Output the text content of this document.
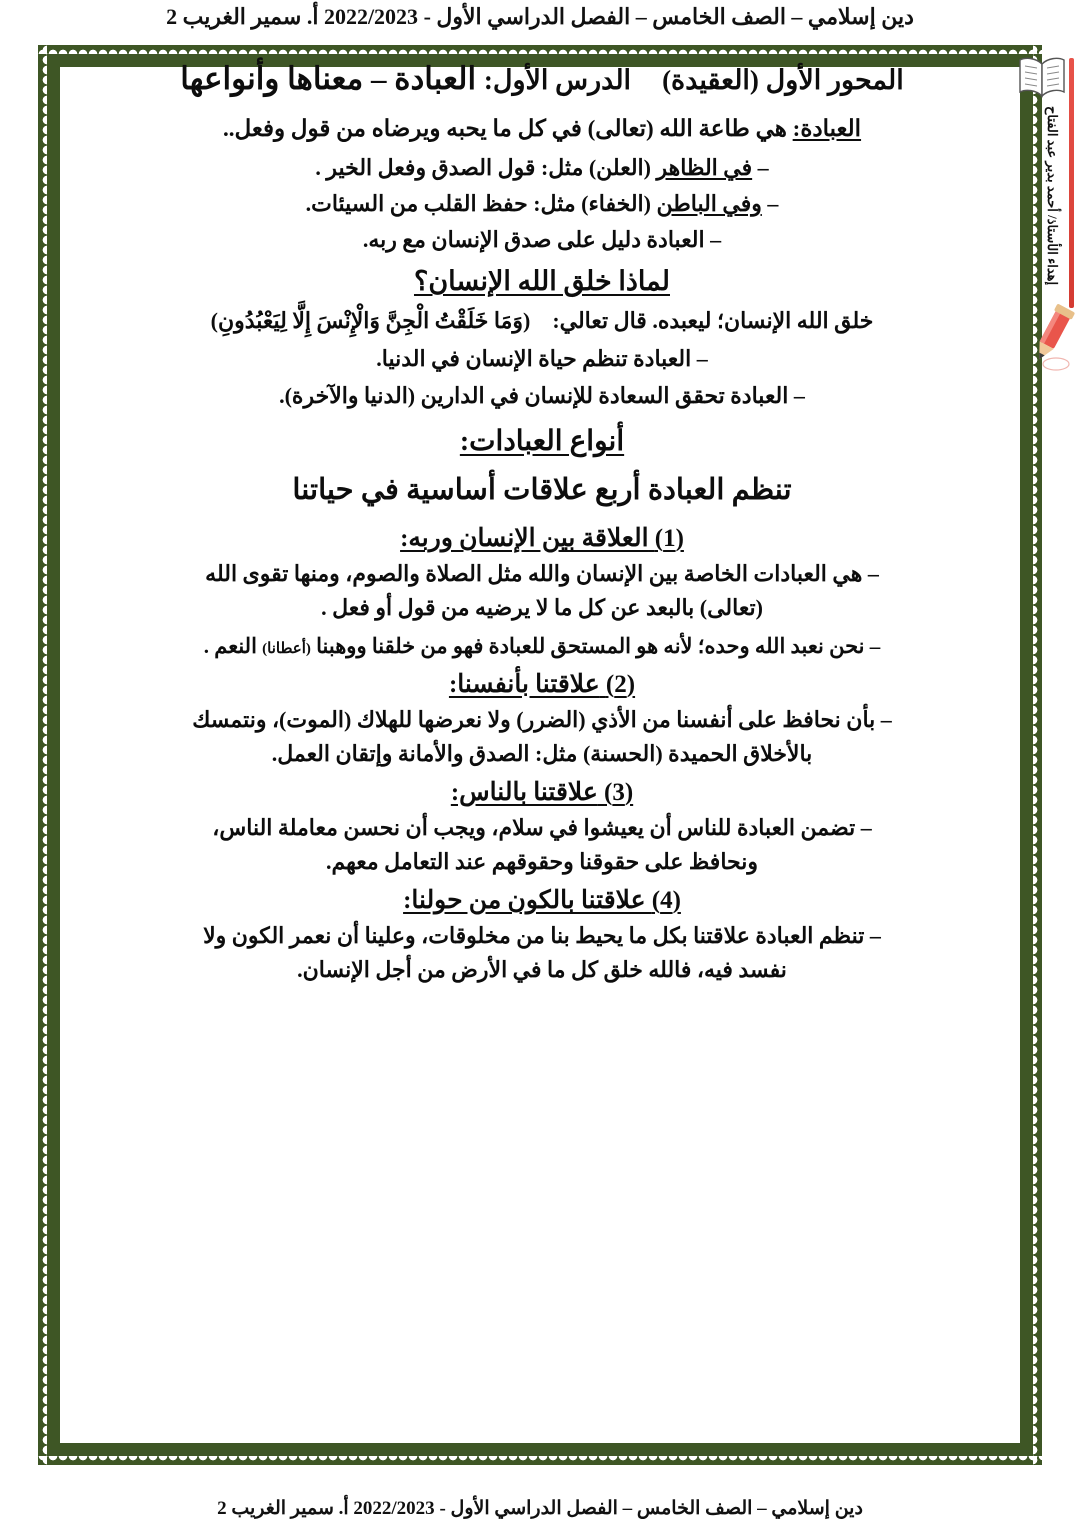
دين إسلامي – الصف الخامس – الفصل الدراسي الأول - 2022/2023 أ. سمير الغريب 2
إهداء الأستاذ/ أحمد بدير عبد الفتاح
المحور الأول (العقيدة)    الدرس الأول: العبادة – معناها وأنواعها
العبادة: هي طاعة الله (تعالى) في كل ما يحبه ويرضاه من قول وفعل..
– في الظاهر (العلن) مثل: قول الصدق وفعل الخير .
– وفي الباطن (الخفاء) مثل: حفظ القلب من السيئات.
– العبادة دليل على صدق الإنسان مع ربه.
لماذا خلق الله الإنسان؟
خلق الله الإنسان؛ ليعبده. قال تعالي:    (وَمَا خَلَقْتُ الْجِنَّ وَالْإِنْسَ إِلَّا لِيَعْبُدُونِ)
– العبادة تنظم حياة الإنسان في الدنيا.
– العبادة تحقق السعادة للإنسان في الدارين (الدنيا والآخرة).
أنواع العبادات:
تنظم العبادة أربع علاقات أساسية في حياتنا
(1) العلاقة بين الإنسان وربه:
– هي العبادات الخاصة بين الإنسان والله مثل الصلاة والصوم، ومنها تقوى الله
(تعالى) بالبعد عن كل ما لا يرضيه من قول أو فعل .
– نحن نعبد الله وحده؛ لأنه هو المستحق للعبادة فهو من خلقنا ووهبنا (أعطانا) النعم .
(2) علاقتنا بأنفسنا:
– بأن نحافظ على أنفسنا من الأذي (الضرر) ولا نعرضها للهلاك (الموت)، ونتمسك
بالأخلاق الحميدة (الحسنة) مثل: الصدق والأمانة وإتقان العمل.
(3) علاقتنا بالناس:
– تضمن العبادة للناس أن يعيشوا في سلام، ويجب أن نحسن معاملة الناس،
ونحافظ على حقوقنا وحقوقهم عند التعامل معهم.
(4) علاقتنا بالكون من حولنا:
– تنظم العبادة علاقتنا بكل ما يحيط بنا من مخلوقات، وعلينا أن نعمر الكون ولا
نفسد فيه، فالله خلق كل ما في الأرض من أجل الإنسان.
دين إسلامي – الصف الخامس – الفصل الدراسي الأول - 2022/2023 أ. سمير الغريب 2
